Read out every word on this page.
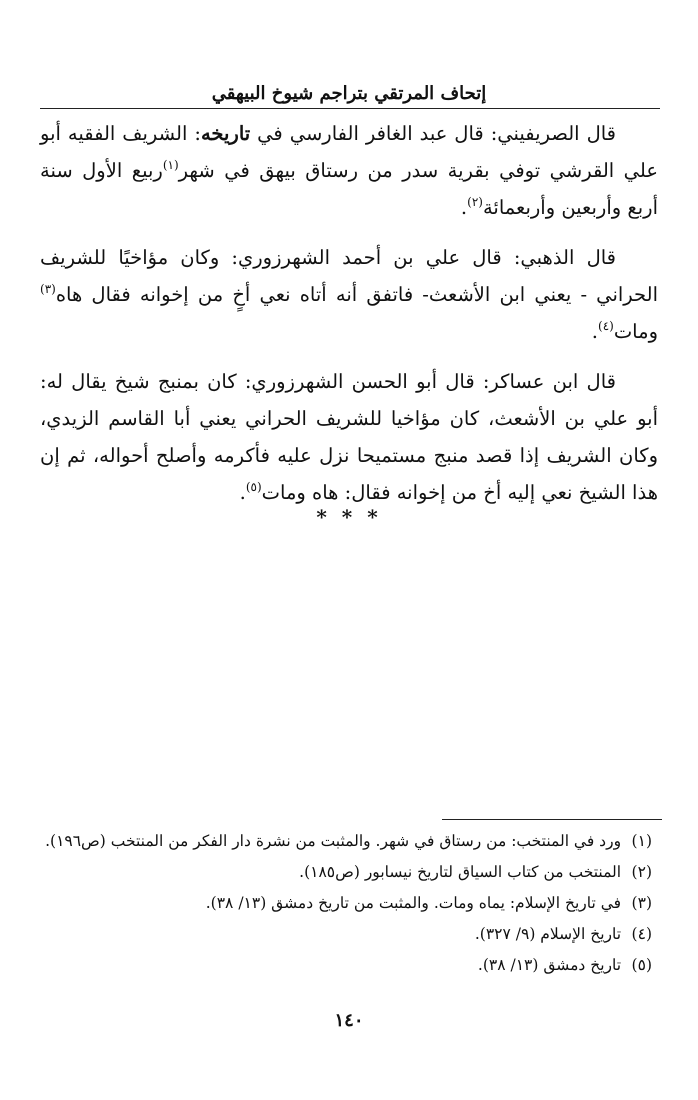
إتحاف المرتقي بتراجم شيوخ البيهقي

قال الصريفيني: قال عبد الغافر الفارسي في تاريخه: الشريف الفقيه أبو علي القرشي توفي بقرية سدر من رستاق بيهق في شهر$^{(١)}$ربيع الأول سنة أربع وأربعين وأربعمائة$^{(٢)}$.

قال الذهبي: قال علي بن أحمد الشهرزوري: وكان مؤاخيًا للشريف الحراني - يعني ابن الأشعث- فاتفق أنه أتاه نعي أخٍ من إخوانه فقال هاه$^{(٣)}$ ومات$^{(٤)}$.

قال ابن عساكر: قال أبو الحسن الشهرزوري: كان بمنبج شيخ يقال له: أبو علي بن الأشعث، كان مؤاخيا للشريف الحراني يعني أبا القاسم الزيدي، وكان الشريف إذا قصد منبج مستميحا نزل عليه فأكرمه وأصلح أحواله، ثم إن هذا الشيخ نعي إليه أخ من إخوانه فقال: هاه ومات$^{(٥)}$.

* * *

(١) ورد في المنتخب: من رستاق في شهر. والمثبت من نشرة دار الفكر من المنتخب (ص١٩٦).

(٢) المنتخب من كتاب السياق لتاريخ نيسابور (ص١٨٥).

(٣) في تاريخ الإسلام: يماه ومات. والمثبت من تاريخ دمشق (١٣/ ٣٨).

(٤) تاريخ الإسلام (٩/ ٣٢٧).

(٥) تاريخ دمشق (١٣/ ٣٨).

١٤٠
